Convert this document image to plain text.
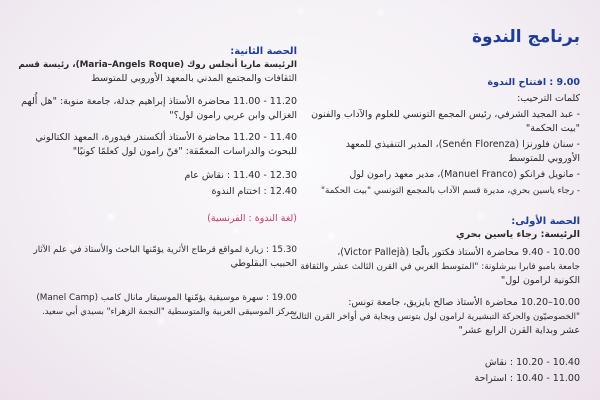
برنامج الندوة
9.00 : افتتاح الندوة
كلمات الترحيب:
- عبد المجيد الشرفي، رئيس المجمع التونسي للعلوم والآداب والفنون
"بيت الحكمة"
- سنان فلورنزا (Senén Florenza)، المدير التنفيذي للمعهد
الأوروبي للمتوسط
- مانويل فرانكو (Manuel Franco)، مدير معهد رامون لول
- رجاء ياسين بحري، مديرة قسم الآداب بالمجمع التونسي "بيت الحكمة"
الحصة الأولى:
الرئيسة: رجاء ياسين بحري
9.40 - 10.00 محاضرة الأستاذ فكتور بالّجا (Victor Pallejà)،
جامعة بامبو فابرا ببرشلونة: "المتوسط الغربي في القرن الثالث عشر والثقافة
الكونية لرامون لول"
10.20–10.00 محاضرة الأستاذ صالح بايزيق، جامعة تونس:
"الخصوصيّون والحركة التبشيرية لرامون لول بتونس وبجاية في أواخر القرن الثالث
عشر وبداية القرن الرابع عشر"
10.20 - 10.40 : نقاش
10.40 - 11.00 : استراحة
الحصة الثانية:
الرئيسة ماريا أنجلس روك (Maria–Angels Roque)، رئيسة قسم
الثقافات والمجتمع المدني بالمعهد الأوروبي للمتوسط
11.00 - 11.20 محاضرة الأستاذ إبراهيم جدلة، جامعة منوبة: "هل أُلهم
الغزالي وابن عربي رامون لول؟"
11.20 - 11.40 محاضرة الأستاذ ألكسندر فيدورة، المعهد الكتالوني
للبحوث والدراسات المعمّقة: "فنّ رامون لول كعلمًا كونيًا"
11.40 - 12.30 : نقاش عام
12.40 : اختتام الندوة
(لغة الندوة : الفرنسية)
15.30 : زيارة لمواقع قرطاج الأثرية يؤمّنها الباحث والأستاذ في علم الآثار
الحبيب البقلوطي
19.00 : سهرة موسيقية يؤمّنها الموسيقار مانال كامب (Manel Camp)
بمركز الموسيقى العربية والمتوسطية "النجمة الزهراء" بسيدي أبي سعيد.
